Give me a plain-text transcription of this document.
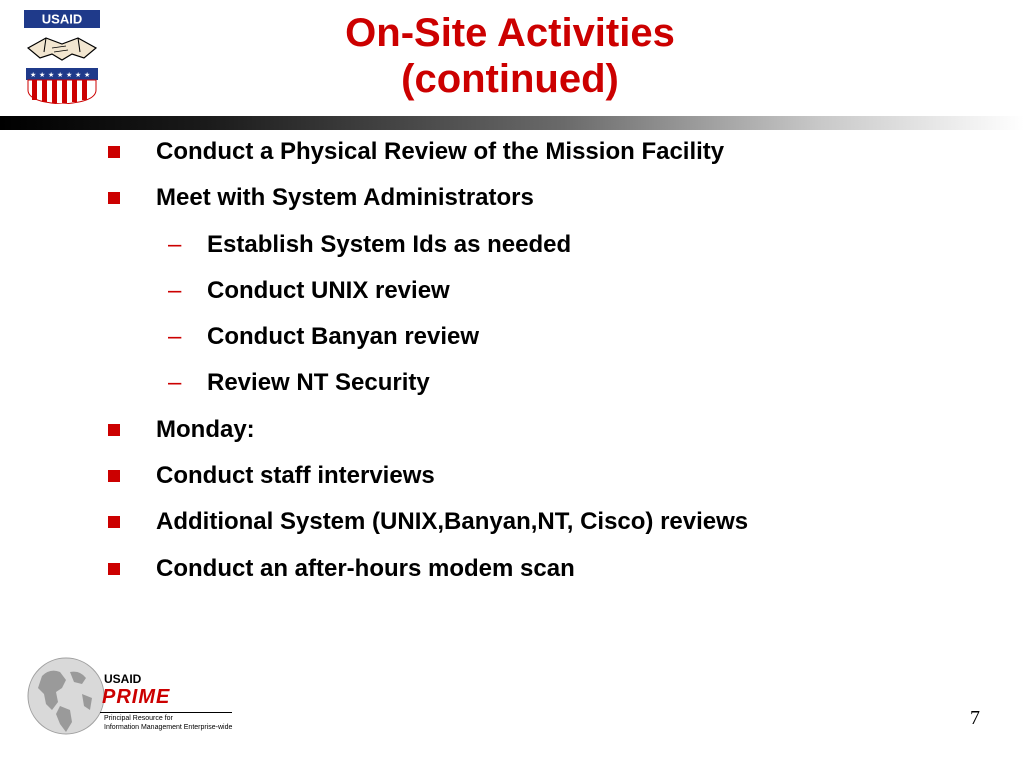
USAID
★ ★ ★ ★ ★ ★ ★
On-Site Activities
(continued)
Conduct a Physical Review of the Mission Facility
Meet with System Administrators
– Establish System Ids as needed
– Conduct UNIX review
– Conduct Banyan review
– Review NT Security
Monday:
Conduct staff interviews
Additional System (UNIX,Banyan,NT, Cisco) reviews
Conduct an after-hours modem scan
USAID
PRIME
Principal Resource for
Information Management Enterprise-wide	7
